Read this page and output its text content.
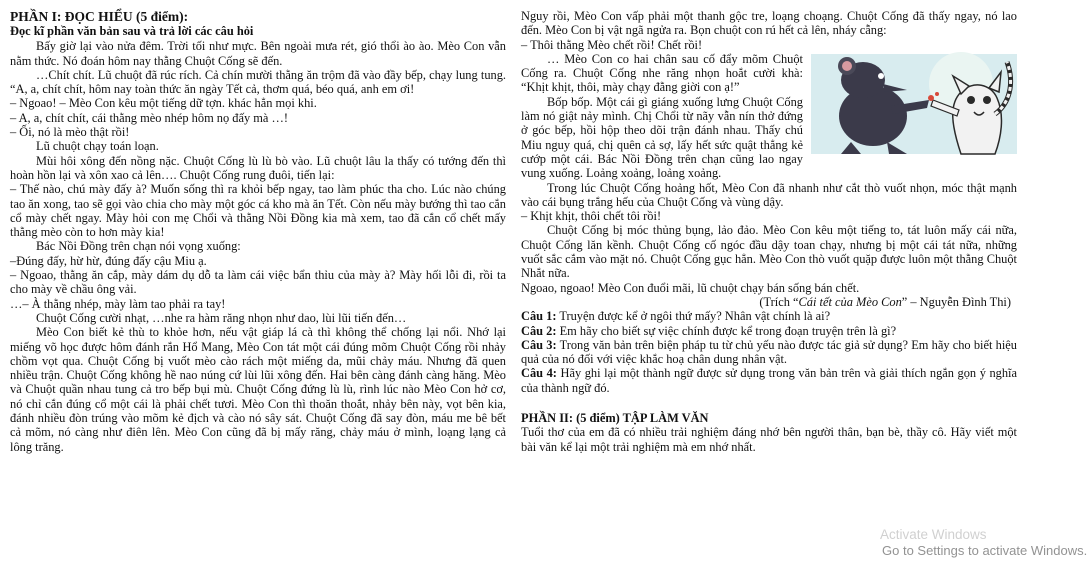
PHẦN I: ĐỌC HIỂU (5 điểm):

Đọc kĩ phần văn bản sau và trả lời các câu hỏi

Bấy giờ lại vào nửa đêm. Trời tối như mực. Bên ngoài mưa rét, gió thổi ào ào. Mèo Con vẫn nằm thức. Nó đoán hôm nay thằng Chuột Cống sẽ đến.

…Chít chít. Lũ chuột đã rúc rích. Cả chín mười thằng ăn trộm đã vào đầy bếp, chạy lung tung. “A, a, chít chít, hôm nay toàn thức ăn ngày Tết cả, thơm quá, béo quá, anh em ơi!

– Ngoao! – Mèo Con kêu một tiếng dữ tợn. khác hẳn mọi khi.

– A, a, chít chít, cái thằng mèo nhép hôm nọ đấy mà …!

– Ối, nó là mèo thật rồi!

Lũ chuột chạy toán loạn.

Mùi hôi xông đến nồng nặc. Chuột Cống lù lù bò vào. Lũ chuột lâu la thấy có tướng đến thì hoàn hồn lại và xôn xao cả lên…. Chuột Cống rung đuôi, tiến lại:

– Thế nào, chú mày đấy à? Muốn sống thì ra khỏi bếp ngay, tao làm phúc tha cho. Lúc nào chúng tao ăn xong, tao sẽ gọi vào chia cho mày một góc cá kho mà ăn Tết. Còn nếu mày bướng thì tao cắn cổ mày chết ngay. Mày hỏi con mẹ Chổi và thằng Nồi Đồng kia mà xem, tao đã cắn cổ chết mấy thằng mèo còn to hơn mày kia!

Bác Nồi Đồng trên chạn nói vọng xuống:

–Đúng đấy, hừ hừ, đúng đấy cậu Miu ạ.

– Ngoao, thằng ăn cắp, mày dám dụ dỗ ta làm cái việc bẩn thỉu của mày à? Mày hối lỗi đi, rồi ta cho mày về chầu ông vải.

…– À thằng nhép, mày làm tao phải ra tay!

Chuột Cống cười nhạt, …nhe ra hàm răng nhọn như dao, lùi lũi tiến đến…

Mèo Con biết kẻ thù to khỏe hơn, nếu vật giáp lá cà thì không thể chống lại nổi. Nhớ lại miếng võ học được hôm đánh rắn Hổ Mang, Mèo Con tát một cái đúng mõm Chuột Cống rồi nhảy chồm vọt qua. Chuột Cống bị vuốt mèo cào rách một miếng da, mũi chảy máu. Nhưng đã quen nhiều trận. Chuột Cống không hề nao núng cứ lùi lũi xông đến. Hai bên càng đánh càng hăng. Mèo và Chuột quần nhau tung cả tro bếp bụi mù. Chuột Cống đứng lù lù, rình lúc nào Mèo Con hở cơ, nó chỉ cắn đúng cổ một cái là phải chết tươi. Mèo Con thì thoăn thoắt, nhảy bên này, vọt bên kia, đánh nhiều đòn trúng vào mõm kẻ địch và cào nó sây sát. Chuột Cống đã say đòn, máu me bê bết cả mõm, nó càng như điên lên. Mèo Con cũng đã bị mấy răng, chảy máu ở mình, loạng lạng cả lông trăng.

Nguy rồi, Mèo Con vấp phải một thanh gộc tre, loạng choạng. Chuột Cống đã thấy ngay, nó lao đến. Mèo Con bị vật ngã ngửa ra. Bọn chuột con rú hết cả lên, nháy cẫng:

– Thôi thằng Mèo chết rồi! Chết rồi!

… Mèo Con co hai chân sau cố đẩy mõm Chuột Cống ra. Chuột Cống nhe răng nhọn hoắt cười khà: “Khịt khịt, thôi, mày chạy đằng giời con ạ!”

Bốp bốp. Một cái gì giáng xuống lưng Chuột Cống làm nó giật nảy mình. Chị Chổi từ nãy vẫn nín thở đứng ở góc bếp, hồi hộp theo dõi trận đánh nhau. Thấy chú Miu nguy quá, chị quên cả sợ, lấy hết sức quật thẳng kẻ cướp một cái. Bác Nồi Đồng trên chạn cũng lao ngay vung xuống. Loảng xoảng, loảng xoảng.

Trong lúc Chuột Cống hoảng hốt, Mèo Con đã nhanh như cắt thò vuốt nhọn, móc thật mạnh vào cái bụng trắng hếu của Chuột Cống và vùng dậy.

– Khịt khịt, thôi chết tôi rồi!

Chuột Cống bị móc thủng bụng, lảo đảo. Mèo Con kêu một tiếng to, tát luôn mấy cái nữa, Chuột Cống lăn kềnh. Chuột Cống cố ngóc đầu dậy toan chạy, nhưng bị một cái tát nữa, những vuốt sắc cắm vào mặt nó. Chuột Cống gục hẳn. Mèo Con thò vuốt quặp được luôn một thằng Chuột Nhắt nữa.

Ngoao, ngoao! Mèo Con đuổi mãi, lũ chuột chạy bán sống bán chết.

(Trích “Cái tết của Mèo Con” – Nguyễn Đình Thi)

Câu 1: Truyện được kể ở ngôi thứ mấy? Nhân vật chính là ai?

Câu 2: Em hãy cho biết sự việc chính được kể trong đoạn truyện trên là gì?

Câu 3: Trong văn bản trên biện pháp tu từ chủ yếu nào được tác giả sử dụng? Em hãy cho biết hiệu quả của nó đối với việc khắc hoạ chân dung nhân vật.

Câu 4: Hãy ghi lại một thành ngữ được sử dụng trong văn bản trên và giải thích ngắn gọn ý nghĩa của thành ngữ đó.

PHẦN II: (5 điểm) TẬP LÀM VĂN

Tuổi thơ của em đã có nhiều trải nghiệm đáng nhớ bên người thân, bạn bè, thầy cô. Hãy viết một bài văn kể lại một trải nghiệm mà em nhớ nhất.

Activate Windows
Go to Settings to activate Windows.
